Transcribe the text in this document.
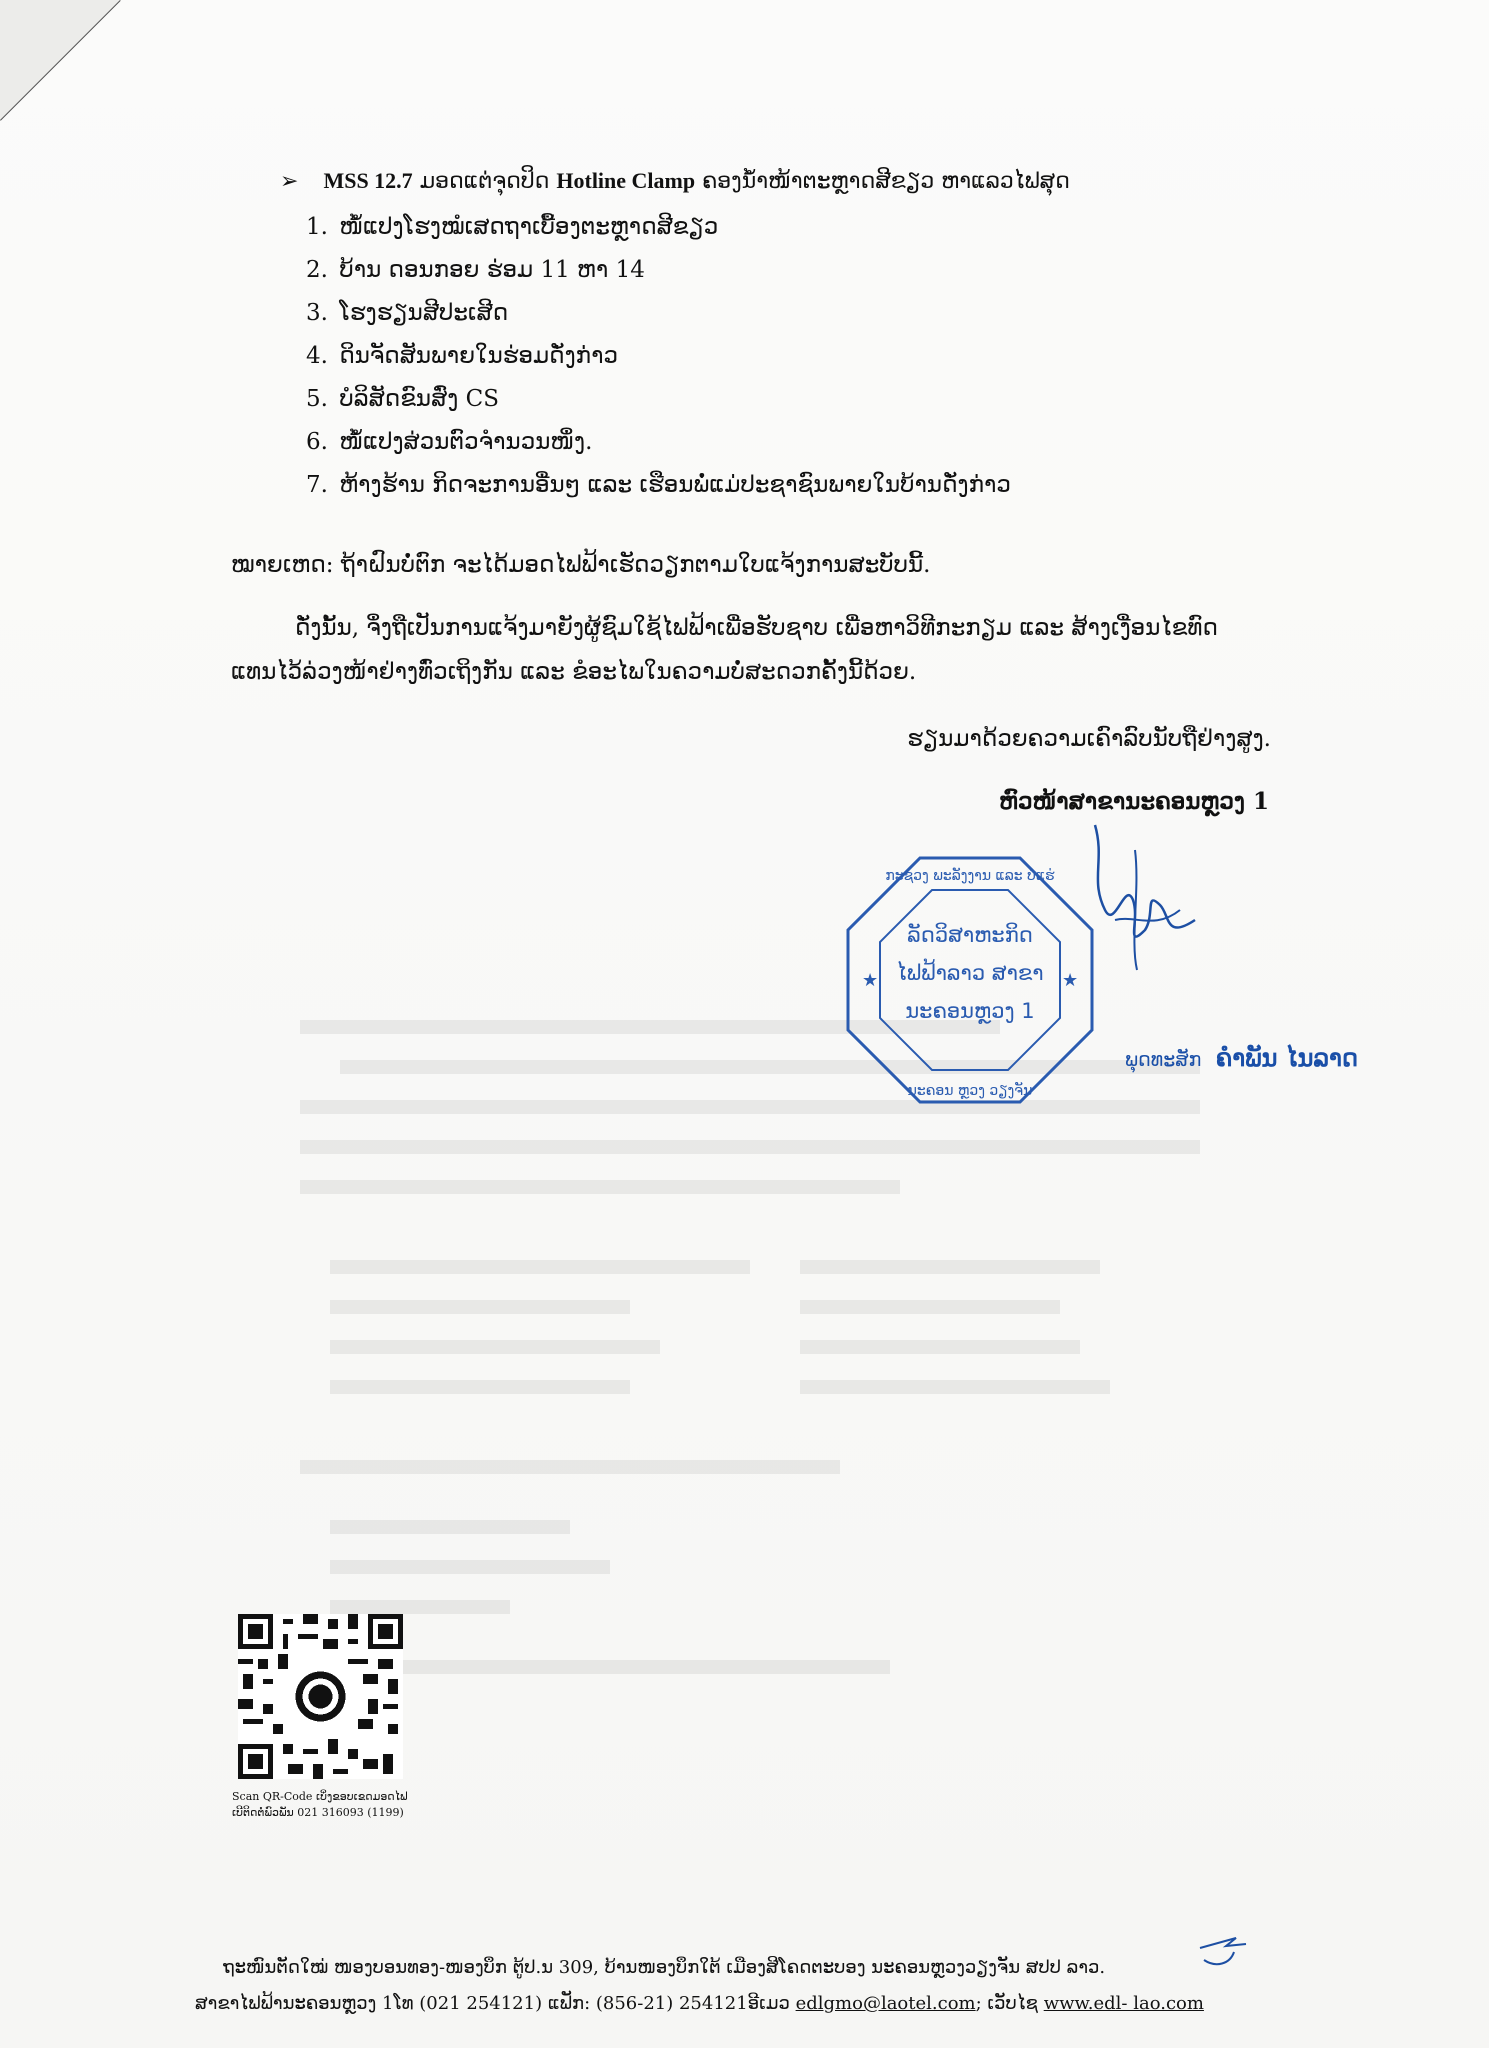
➢ MSS 12.7 ມອດແຕ່ຈຸດປິດ Hotline Clamp ຄອງນ້ຳໜ້າຕະຫຼາດສີຂຽວ ຫາແລວໄຟສຸດ
1. ໜໍ້ແປງໂຮງໝໍເສດຖາເບື້ອງຕະຫຼາດສີຂຽວ
2. ບ້ານ ດອນກອຍ ຮ່ອມ 11 ຫາ 14
3. ໂຮງຮຽນສີປະເສີດ
4. ດິນຈັດສັນພາຍໃນຮ່ອມດັ່ງກ່າວ
5. ບໍລິສັດຂົນສົ່ງ CS
6. ໜໍ້ແປງສ່ວນຕົວຈຳນວນໜຶ່ງ.
7. ຫ້າງຮ້ານ ກິດຈະການອື່ນໆ ແລະ ເຮືອນພໍ່ແມ່ປະຊາຊົນພາຍໃນບ້ານດັ່ງກ່າວ
ໝາຍເຫດ: ຖ້າຝົນບໍ່ຕົກ ຈະໄດ້ມອດໄຟຟ້າເຮັດວຽກຕາມໃບແຈ້ງການສະບັບນີ້.
ດັ່ງນັ້ນ, ຈຶ່ງຖືເປັນການແຈ້ງມາຍັງຜູ້ຊົມໃຊ້ໄຟຟ້າເພື່ອຮັບຊາບ ເພື່ອຫາວິທີກະກຽມ ແລະ ສ້າງເງື່ອນໄຂທົດ
ແທນໄວ້ລ່ວງໜ້າຢ່າງທົ່ວເຖິງກັນ ແລະ ຂໍອະໄພໃນຄວາມບໍ່ສະດວກຄັ້ງນີ້ດ້ວຍ.
ຮຽນມາດ້ວຍຄວາມເຄົາລົບນັບຖືຢ່າງສູງ.
ຫົວໜ້າສາຂານະຄອນຫຼວງ 1
ກະຊວງ ພະລັງງານ ແລະ ບໍ່ແຮ່
ລັດວິສາຫະກິດ
ໄຟຟ້າລາວ ສາຂາ
ນະຄອນຫຼວງ 1
ນະຄອນ ຫຼວງ ວຽງຈັນ
★	★
ພຸດທະສັກ ຄຳພັນ ໄນລາດ
Scan QR-Code ເບິ່ງຂອບເຂດມອດໄຟ
ເບີຕິດຕໍ່ພົວພັນ 021 316093 (1199)
ຖະໜົນຕັດໃໝ່ ໜອງບອນທອງ-ໜອງບຶກ ຕູ້ປ.ນ 309, ບ້ານໜອງບຶກໃຕ້ ເມືອງສີໂຄດຕະບອງ ນະຄອນຫຼວງວຽງຈັນ ສປປ ລາວ.
ສາຂາໄຟຟ້ານະຄອນຫຼວງ 1ໂທ (021 254121) ແຟັກ: (856-21) 254121ອີເມວ edlgmo@laotel.com; ເວັບໄຊ www.edl- lao.com
